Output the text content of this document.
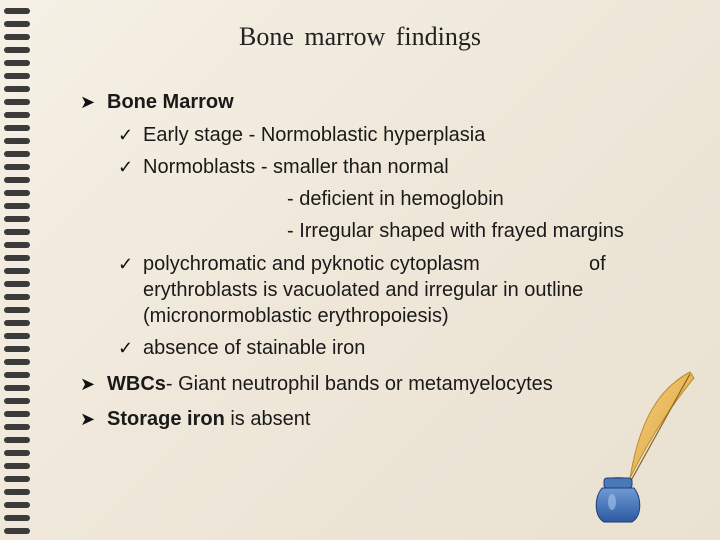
Bone marrow findings
➤ Bone Marrow
✓ Early stage - Normoblastic hyperplasia
✓ Normoblasts - smaller than normal
- deficient in hemoglobin
- Irregular shaped with frayed margins
✓ polychromatic and pyknotic cytoplasm	of
erythroblasts is vacuolated and irregular in outline
(micronormoblastic erythropoiesis)
✓ absence of stainable iron
➤ WBCs- Giant neutrophil bands or metamyelocytes
➤ Storage iron is absent
